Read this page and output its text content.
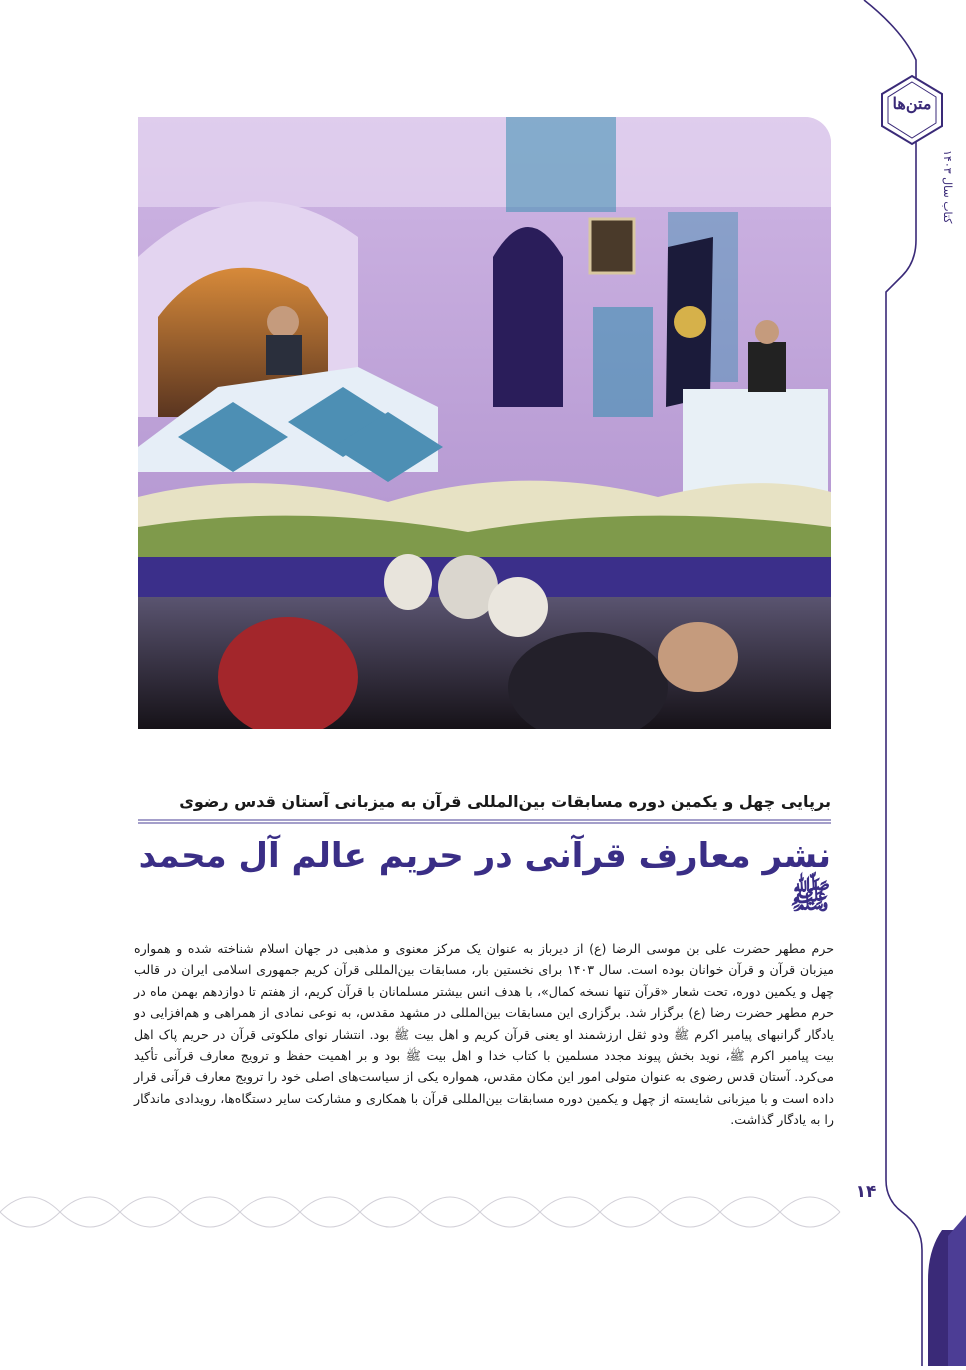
متن‌ها
کتاب سال ۱۴۰۳
برپایی چهل و یکمین دوره مسابقات بین‌المللی قرآن به میزبانی آستان قدس رضوی
نشر معارف قرآنی در حریم عالم آل محمد ﷺ
حرم مطهر حضرت علی بن موسی الرضا (ع) از دیرباز به عنوان یک مرکز معنوی و مذهبی در جهان اسلام شناخته شده و همواره میزبان قرآن و قرآن خوانان بوده است. سال ۱۴۰۳ برای نخستین بار، مسابقات بین‌المللی قرآن کریم جمهوری اسلامی ایران در قالب چهل و یکمین دوره، تحت شعار «قرآن تنها نسخه کمال»، با هدف انس بیشتر مسلمانان با قرآن کریم، از هفتم تا دوازدهم بهمن ماه در حرم مطهر حضرت رضا (ع) برگزار شد. برگزاری این مسابقات بین‌المللی در مشهد مقدس، به نوعی نمادی از همراهی و هم‌افزایی دو یادگار گرانبهای پیامبر اکرم ﷺ ودو ثقل ارزشمند او یعنی قرآن کریم و اهل بیت ﷺ بود. انتشار نوای ملکوتی قرآن در حریم پاک اهل بیت پیامبر اکرم ﷺ، نوید بخش پیوند مجدد مسلمین با کتاب خدا و اهل بیت ﷺ بود و بر اهمیت حفظ و ترویج معارف قرآنی تأکید می‌کرد. آستان قدس رضوی به عنوان متولی امور این مکان مقدس، همواره یکی از سیاست‌های اصلی خود را ترویج معارف قرآنی قرار داده است و با میزبانی شایسته از چهل و یکمین دوره مسابقات بین‌المللی قرآن با همکاری و مشارکت سایر دستگاه‌ها، رویدادی ماندگار را به یادگار گذاشت.
۱۴
